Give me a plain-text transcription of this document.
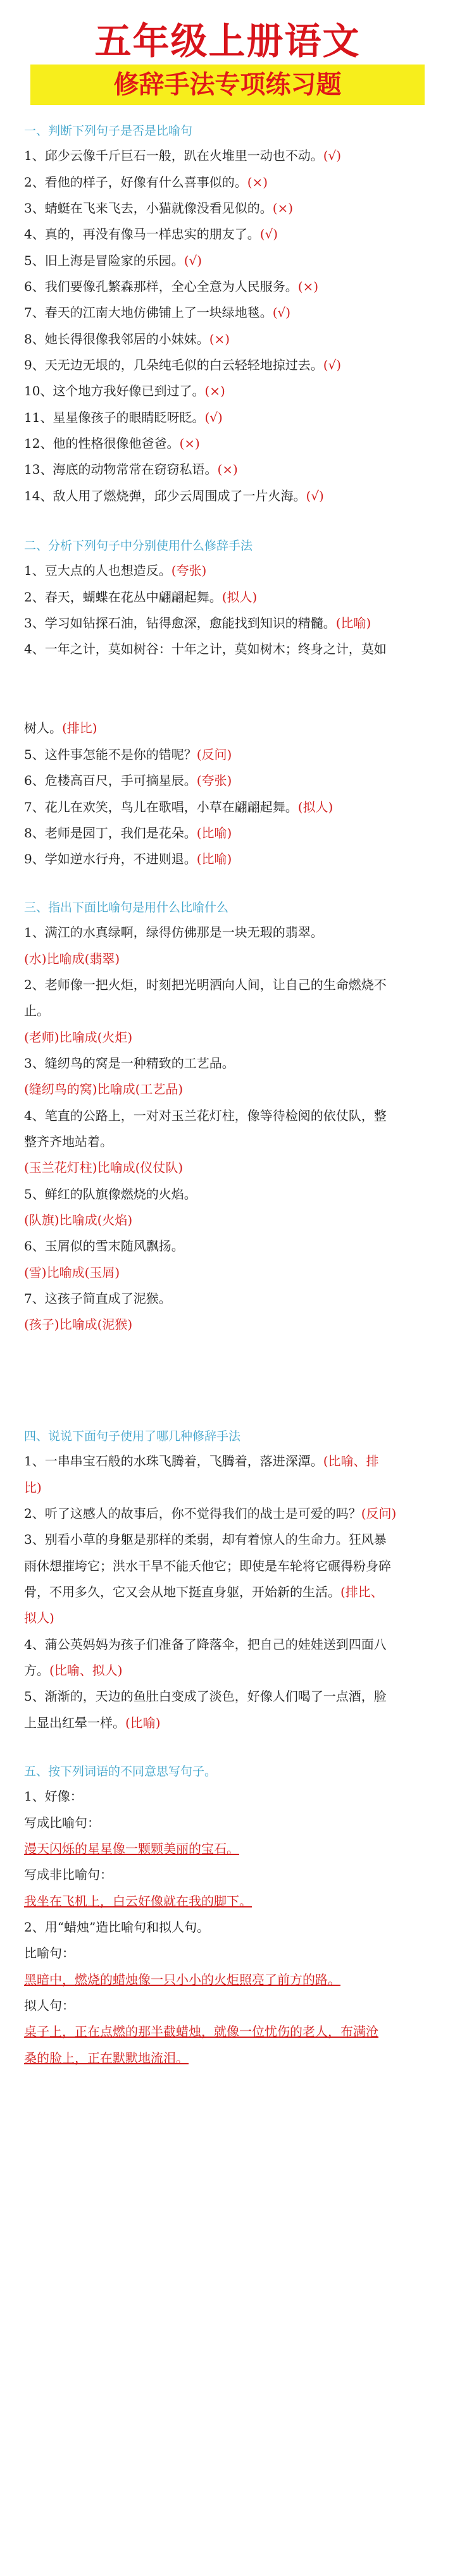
五年级上册语文
修辞手法专项练习题
一、判断下列句子是否是比喻句
1、邱少云像千斤巨石一般，趴在火堆里一动也不动。(√)
2、看他的样子，好像有什么喜事似的。(×)
3、蜻蜓在飞来飞去，小猫就像没看见似的。(×)
4、真的，再没有像马一样忠实的朋友了。(√)
5、旧上海是冒险家的乐园。(√)
6、我们要像孔繁森那样，全心全意为人民服务。(×)
7、春天的江南大地仿佛铺上了一块绿地毯。(√)
8、她长得很像我邻居的小妹妹。(×)
9、天无边无垠的，几朵纯毛似的白云轻轻地掠过去。(√)
10、这个地方我好像已到过了。(×)
11、星星像孩子的眼睛眨呀眨。(√)
12、他的性格很像他爸爸。(×)
13、海底的动物常常在窃窃私语。(×)
14、敌人用了燃烧弹，邱少云周围成了一片火海。(√)
二、分析下列句子中分别使用什么修辞手法
1、豆大点的人也想造反。(夸张)
2、春天，蝴蝶在花丛中翩翩起舞。(拟人)
3、学习如钻探石油，钻得愈深，愈能找到知识的精髓。(比喻)
4、一年之计，莫如树谷：十年之计，莫如树木；终身之计，莫如
树人。(排比)
5、这件事怎能不是你的错呢？(反问)
6、危楼高百尺，手可摘星辰。(夸张)
7、花儿在欢笑，鸟儿在歌唱，小草在翩翩起舞。(拟人)
8、老师是园丁，我们是花朵。(比喻)
9、学如逆水行舟，不进则退。(比喻)
三、指出下面比喻句是用什么比喻什么
1、满江的水真绿啊，绿得仿佛那是一块无瑕的翡翠。
(水)比喻成(翡翠)
2、老师像一把火炬，时刻把光明洒向人间，让自己的生命燃烧不
止。
(老师)比喻成(火炬)
3、缝纫鸟的窝是一种精致的工艺品。
(缝纫鸟的窝)比喻成(工艺品)
4、笔直的公路上，一对对玉兰花灯柱，像等待检阅的依仗队，整
整齐齐地站着。
(玉兰花灯柱)比喻成(仪仗队)
5、鲜红的队旗像燃烧的火焰。
(队旗)比喻成(火焰)
6、玉屑似的雪末随风飘扬。
(雪)比喻成(玉屑)
7、这孩子简直成了泥猴。
(孩子)比喻成(泥猴)
四、说说下面句子使用了哪几种修辞手法
1、一串串宝石般的水珠飞腾着，飞腾着，落进深潭。(比喻、排
比)
2、听了这感人的故事后，你不觉得我们的战士是可爱的吗？(反问)
3、别看小草的身躯是那样的柔弱，却有着惊人的生命力。狂风暴
雨休想摧垮它；洪水干旱不能夭他它；即使是车轮将它碾得粉身碎
骨，不用多久，它又会从地下挺直身躯，开始新的生活。(排比、
拟人)
4、蒲公英妈妈为孩子们准备了降落伞，把自己的娃娃送到四面八
方。(比喻、拟人)
5、渐渐的，天边的鱼肚白变成了淡色，好像人们喝了一点酒，脸
上显出红晕一样。(比喻)
五、按下列词语的不同意思写句子。
1、好像：
写成比喻句：
漫天闪烁的星星像一颗颗美丽的宝石。
写成非比喻句：
我坐在飞机上，白云好像就在我的脚下。
2、用“蜡烛”造比喻句和拟人句。
比喻句：
黑暗中，燃烧的蜡烛像一只小小的火炬照亮了前方的路。
拟人句：
桌子上，正在点燃的那半截蜡烛，就像一位忧伤的老人，布满沧
桑的脸上，正在默默地流泪。
